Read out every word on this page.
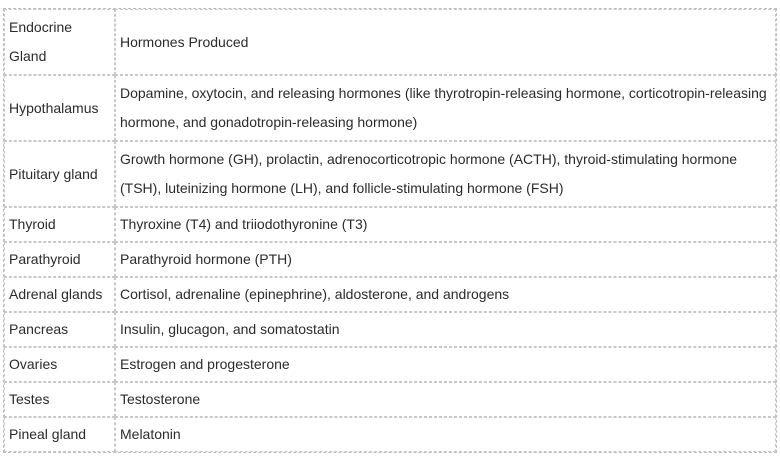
Endocrine Gland	Hormones Produced
Hypothalamus	Dopamine, oxytocin, and releasing hormones (like thyrotropin-releasing hormone, corticotropin-releasing hormone, and gonadotropin-releasing hormone)
Pituitary gland	Growth hormone (GH), prolactin, adrenocorticotropic hormone (ACTH), thyroid-stimulating hormone (TSH), luteinizing hormone (LH), and follicle-stimulating hormone (FSH)
Thyroid	Thyroxine (T4) and triiodothyronine (T3)
Parathyroid	Parathyroid hormone (PTH)
Adrenal glands	Cortisol, adrenaline (epinephrine), aldosterone, and androgens
Pancreas	Insulin, glucagon, and somatostatin
Ovaries	Estrogen and progesterone
Testes	Testosterone
Pineal gland	Melatonin
